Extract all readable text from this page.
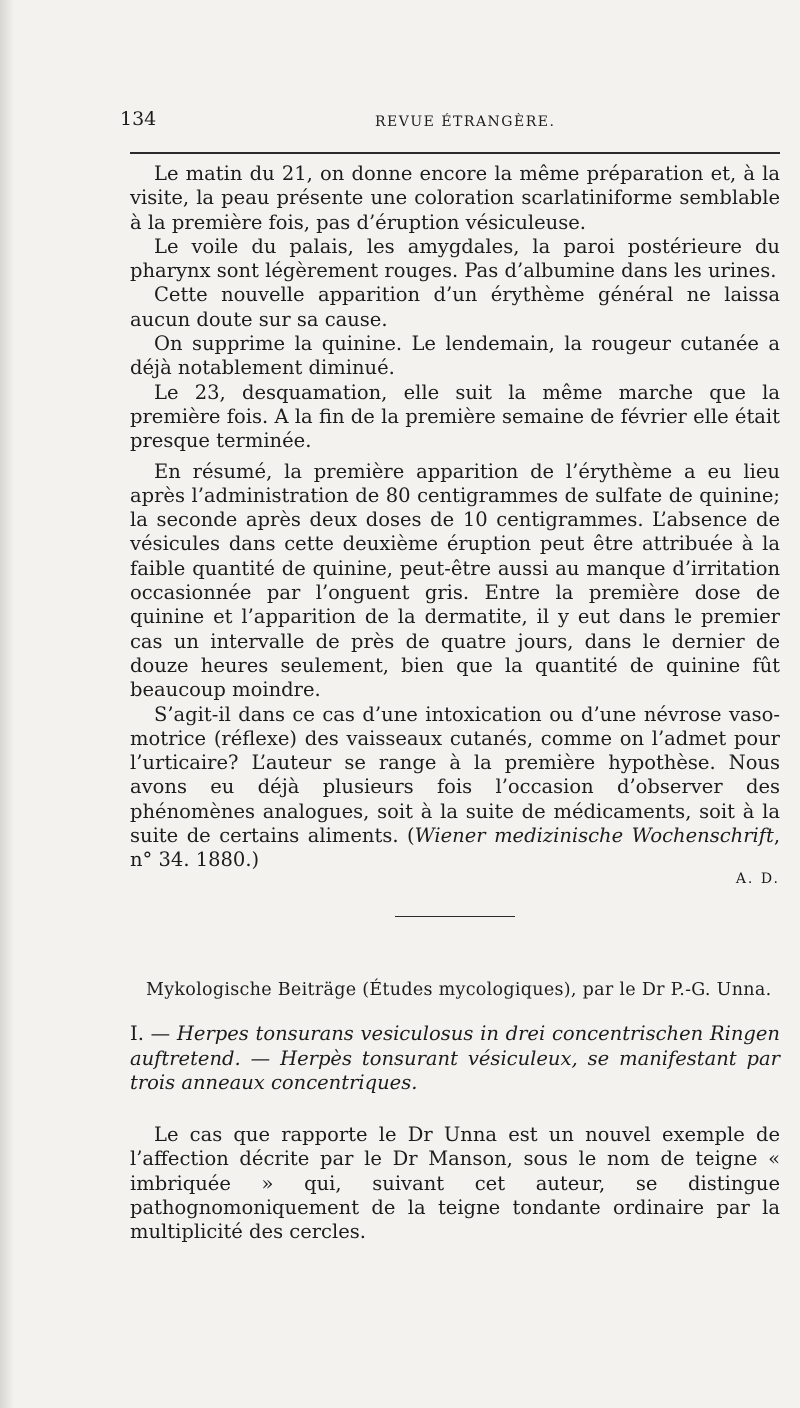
134	REVUE ÉTRANGÈRE.

Le matin du 21, on donne encore la même préparation et, à la visite, la peau présente une coloration scarlatiniforme semblable à la première fois, pas d’éruption vésiculeuse.

Le voile du palais, les amygdales, la paroi postérieure du pharynx sont légèrement rouges. Pas d’albumine dans les urines.

Cette nouvelle apparition d’un érythème général ne laissa aucun doute sur sa cause.

On supprime la quinine. Le lendemain, la rougeur cutanée a déjà notablement diminué.

Le 23, desquamation, elle suit la même marche que la première fois. A la fin de la première semaine de février elle était presque terminée.

En résumé, la première apparition de l’érythème a eu lieu après l’administration de 80 centigrammes de sulfate de quinine; la seconde après deux doses de 10 centigrammes. L’absence de vésicules dans cette deuxième éruption peut être attribuée à la faible quantité de quinine, peut-être aussi au manque d’irritation occasionnée par l’onguent gris. Entre la première dose de quinine et l’apparition de la dermatite, il y eut dans le premier cas un intervalle de près de quatre jours, dans le dernier de douze heures seulement, bien que la quantité de quinine fût beaucoup moindre.

S’agit-il dans ce cas d’une intoxication ou d’une névrose vaso-motrice (réflexe) des vaisseaux cutanés, comme on l’admet pour l’urticaire? L’auteur se range à la première hypothèse. Nous avons eu déjà plusieurs fois l’occasion d’observer des phénomènes analogues, soit à la suite de médicaments, soit à la suite de certains aliments. (Wiener medizinische Wochenschrift, n° 34. 1880.)

A. D.
Mykologische Beiträge (Études mycologiques), par le Dr P.-G. Unna.

I. — Herpes tonsurans vesiculosus in drei concentrischen Ringen auftretend. — Herpès tonsurant vésiculeux, se manifestant par trois anneaux concentriques.

Le cas que rapporte le Dr Unna est un nouvel exemple de l’affection décrite par le Dr Manson, sous le nom de teigne « imbriquée » qui, suivant cet auteur, se distingue pathognomoniquement de la teigne tondante ordinaire par la multiplicité des cercles.
